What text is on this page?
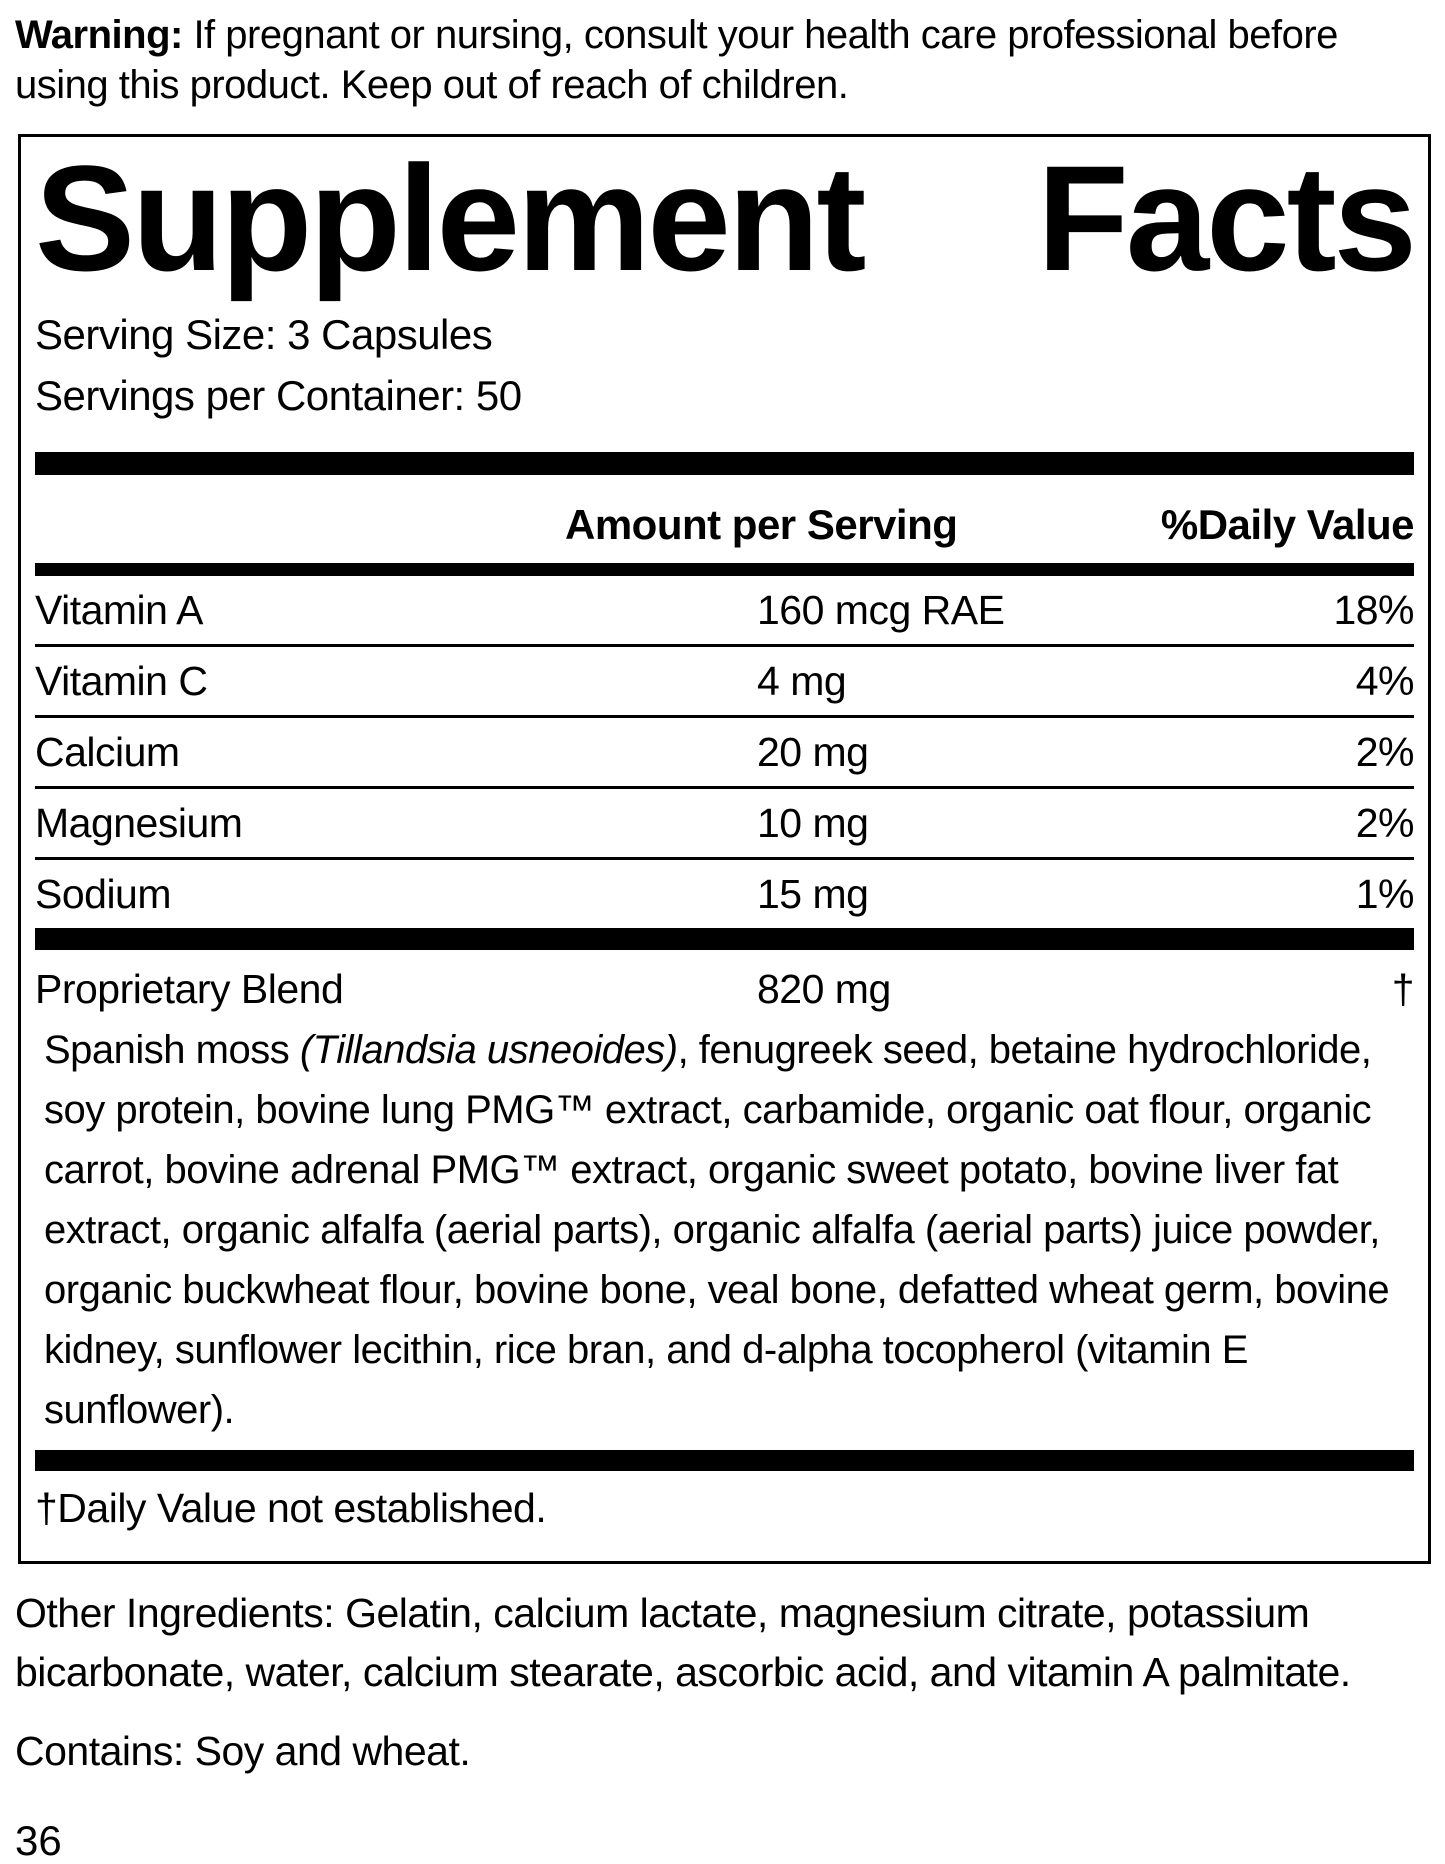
Warning: If pregnant or nursing, consult your health care professional before using this product. Keep out of reach of children.

Supplement Facts

Serving Size: 3 Capsules

Servings per Container: 50

Amount per Serving	%Daily Value
Vitamin A	160 mcg RAE	18%
Vitamin C	4 mg	4%
Calcium	20 mg	2%
Magnesium	10 mg	2%
Sodium	15 mg	1%
Proprietary Blend	820 mg	†

Spanish moss (Tillandsia usneoides), fenugreek seed, betaine hydrochloride, soy protein, bovine lung PMG™ extract, carbamide, organic oat flour, organic carrot, bovine adrenal PMG™ extract, organic sweet potato, bovine liver fat extract, organic alfalfa (aerial parts), organic alfalfa (aerial parts) juice powder, organic buckwheat flour, bovine bone, veal bone, defatted wheat germ, bovine kidney, sunflower lecithin, rice bran, and d-alpha tocopherol (vitamin E sunflower).

†Daily Value not established.

Other Ingredients: Gelatin, calcium lactate, magnesium citrate, potassium bicarbonate, water, calcium stearate, ascorbic acid, and vitamin A palmitate.

Contains: Soy and wheat.

36
